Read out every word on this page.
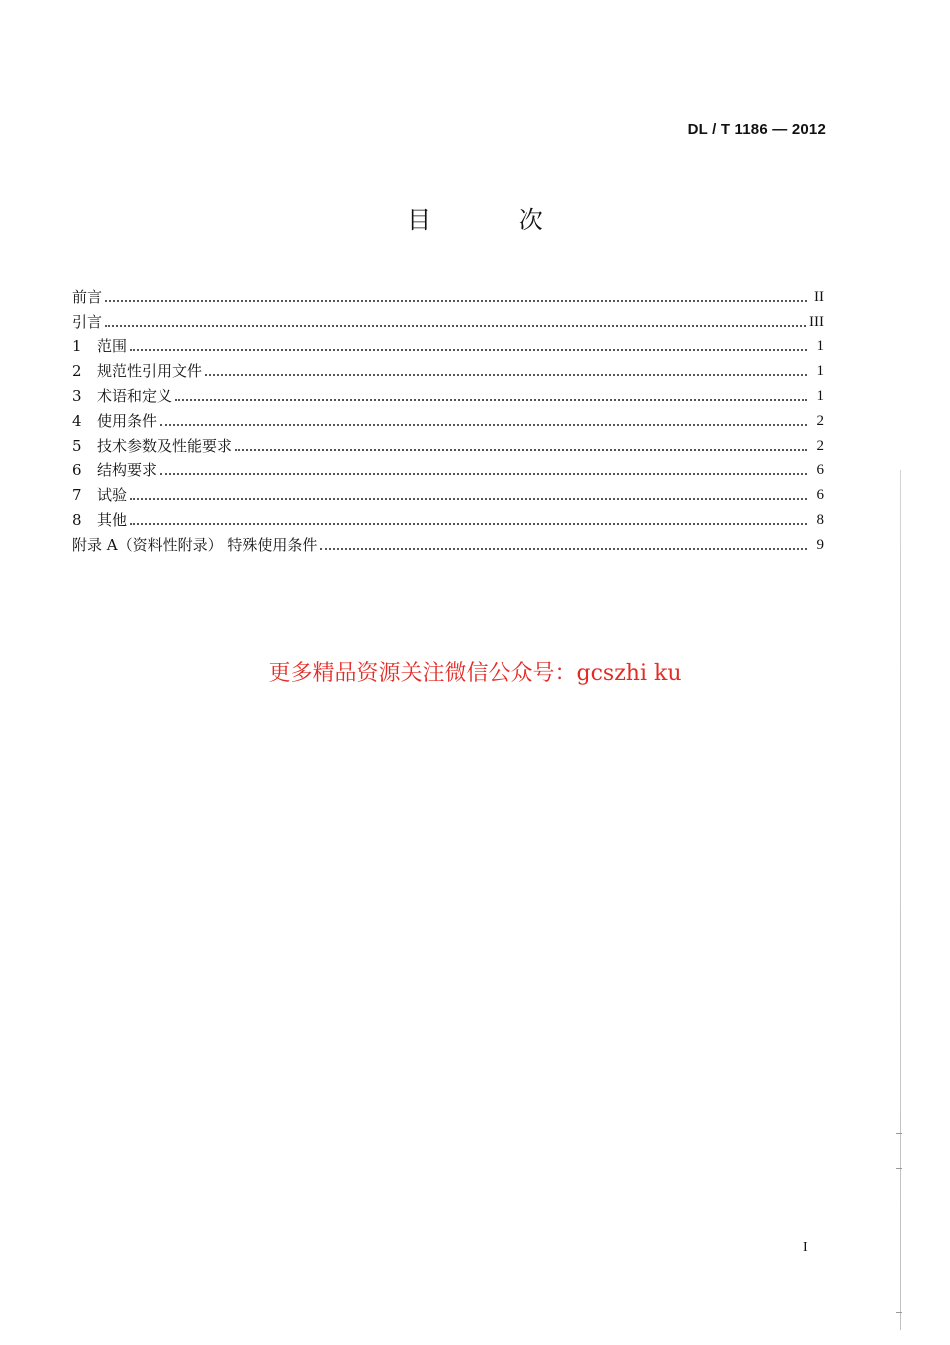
DL / T 1186 — 2012
目 次
前言	II
引言	III
1	范围	1
2	规范性引用文件	1
3	术语和定义	1
4	使用条件	2
5	技术参数及性能要求	2
6	结构要求	6
7	试验	6
8	其他	8
附录 A（资料性附录） 特殊使用条件	9
更多精品资源关注微信公众号：gcszhi ku
I
